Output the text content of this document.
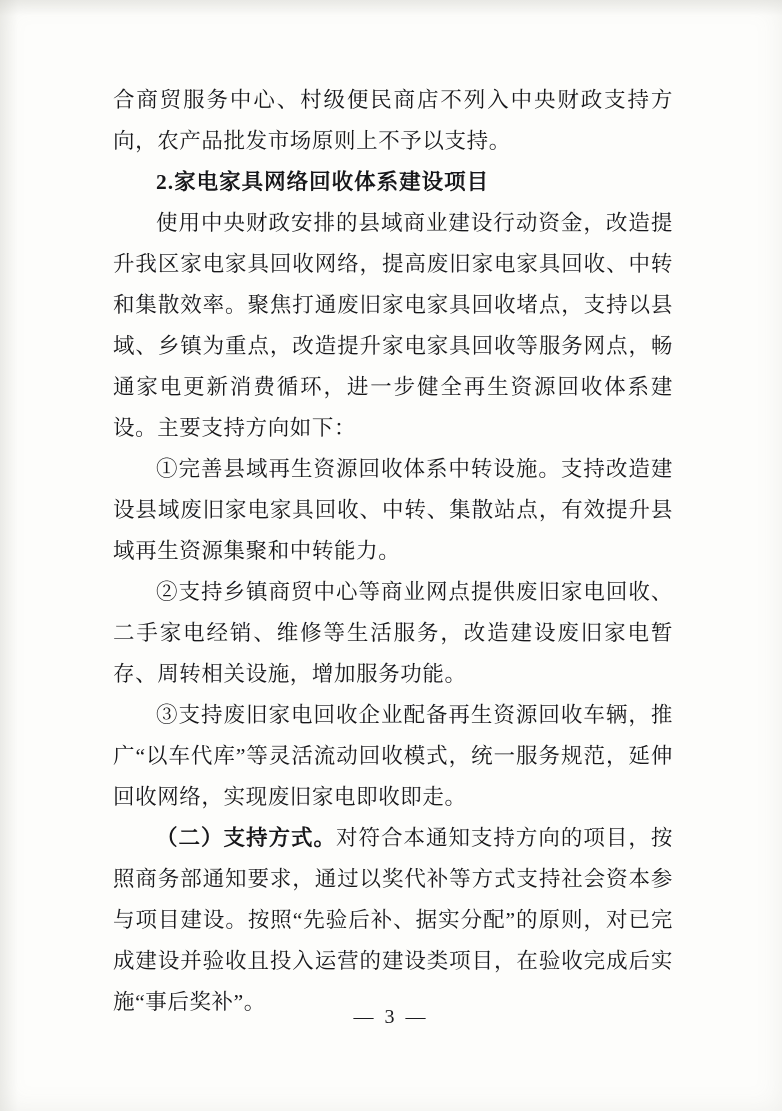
合商贸服务中心、村级便民商店不列入中央财政支持方向，农产品批发市场原则上不予以支持。

2.家电家具网络回收体系建设项目

使用中央财政安排的县域商业建设行动资金，改造提升我区家电家具回收网络，提高废旧家电家具回收、中转和集散效率。聚焦打通废旧家电家具回收堵点，支持以县域、乡镇为重点，改造提升家电家具回收等服务网点，畅通家电更新消费循环，进一步健全再生资源回收体系建设。主要支持方向如下：

①完善县域再生资源回收体系中转设施。支持改造建设县域废旧家电家具回收、中转、集散站点，有效提升县域再生资源集聚和中转能力。

②支持乡镇商贸中心等商业网点提供废旧家电回收、二手家电经销、维修等生活服务，改造建设废旧家电暂存、周转相关设施，增加服务功能。

③支持废旧家电回收企业配备再生资源回收车辆，推广“以车代库”等灵活流动回收模式，统一服务规范，延伸回收网络，实现废旧家电即收即走。

（二）支持方式。对符合本通知支持方向的项目，按照商务部通知要求，通过以奖代补等方式支持社会资本参与项目建设。按照“先验后补、据实分配”的原则，对已完成建设并验收且投入运营的建设类项目，在验收完成后实施“事后奖补”。

— 3 —
